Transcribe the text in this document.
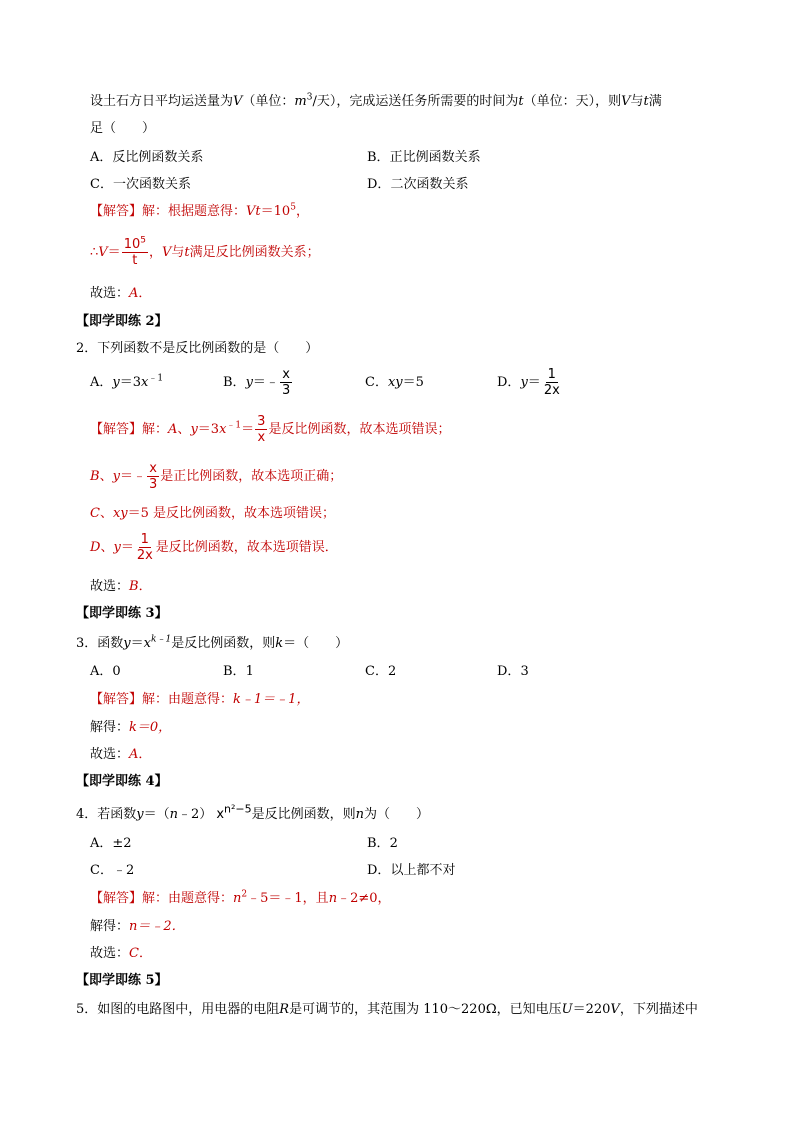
设土石方日平均运送量为V（单位：$m^3/$天），完成运送任务所需要的时间为t（单位：天），则V与t满
足（　　）
A．反比例函数关系	B．正比例函数关系
C．一次函数关系	D．二次函数关系
【解答】解：根据题意得：$Vt=10^5$，
∴V＝ $\frac{10^5}{t}$ ，V与t满足反比例函数关系；
故选：A．
【即学即练 2】
2．下列函数不是反比例函数的是（　　）
A．$y=3x^{﹣1}$	B．y＝﹣ $\frac{x}{3}$	C．xy＝5	D．$y= \frac{1}{2x}$
【解答】解：A、$y=3x^{﹣1}= \frac{3}{x}$ 是反比例函数，故本选项错误；
B、y＝﹣ $\frac{x}{3}$ 是正比例函数，故本选项正确；
C、xy＝5 是反比例函数，故本选项错误；
D、$y= \frac{1}{2x}$ 是反比例函数，故本选项错误．
故选：B．
【即学即练 3】
3．函数$y=x^{k﹣1}$是反比例函数，则k＝（　　）
A．0	B．1	C．2	D．3
【解答】解：由题意得：k﹣1＝﹣1，
解得：k＝0，
故选：A．
【即学即练 4】
4．若函数y＝（n﹣2） $x^{n^2-5}$是反比例函数，则n为（　　）
A．±2	B．2
C．﹣2	D．以上都不对
【解答】解：由题意得：$n^2﹣5=﹣1$，且n﹣2≠0，
解得：n＝﹣2．
故选：C．
【即学即练 5】
5．如图的电路图中，用电器的电阻R是可调节的，其范围为 110～220Ω，已知电压U＝220V，下列描述中
